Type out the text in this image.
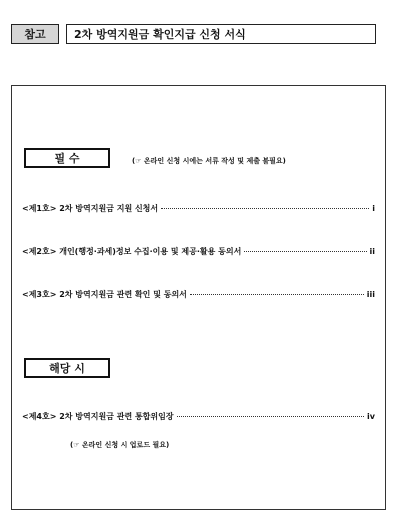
참고	2차 방역지원금 확인지급 신청 서식
필 수	(☞ 온라인 신청 시에는 서류 작성 및 제출 불필요)
<제1호> 2차 방역지원금 지원 신청서	i
<제2호> 개인(행정·과세)정보 수집·이용 및 제공·활용 동의서	ii
<제3호> 2차 방역지원금 관련 확인 및 동의서	iii
해당 시
<제4호> 2차 방역지원금 관련 통합위임장	iv
(☞ 온라인 신청 시 업로드 필요)
